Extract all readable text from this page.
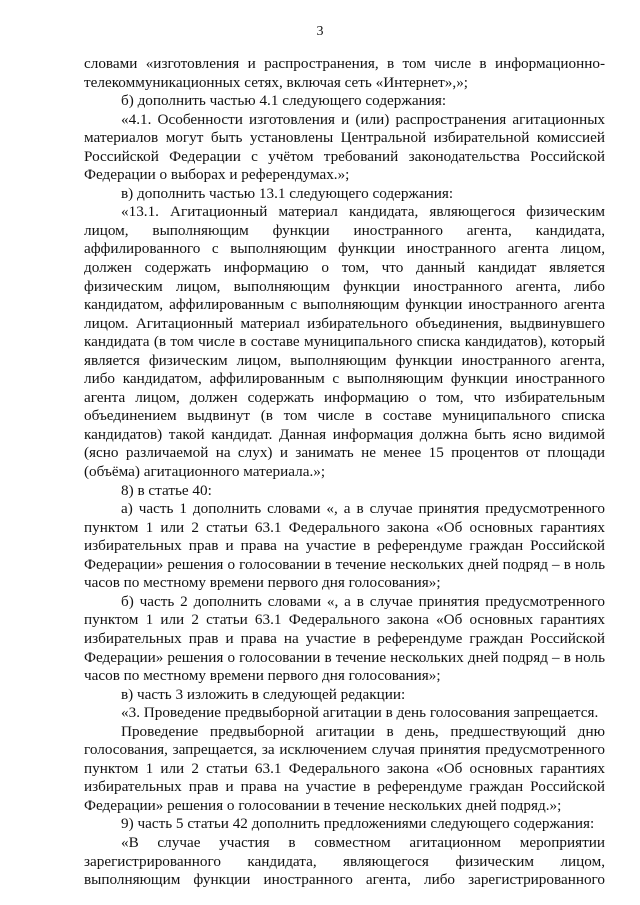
3

словами «изготовления и распространения, в том числе в информационно-телекоммуникационных сетях, включая сеть «Интернет»,»;

б) дополнить частью 4.1 следующего содержания:

«4.1. Особенности изготовления и (или) распространения агитационных материалов могут быть установлены Центральной избирательной комиссией Российской Федерации с учётом требований законодательства Российской Федерации о выборах и референдумах.»;

в) дополнить частью 13.1 следующего содержания:

«13.1. Агитационный материал кандидата, являющегося физическим лицом, выполняющим функции иностранного агента, кандидата, аффилированного с выполняющим функции иностранного агента лицом, должен содержать информацию о том, что данный кандидат является физическим лицом, выполняющим функции иностранного агента, либо кандидатом, аффилированным с выполняющим функции иностранного агента лицом. Агитационный материал избирательного объединения, выдвинувшего кандидата (в том числе в составе муниципального списка кандидатов), который является физическим лицом, выполняющим функции иностранного агента, либо кандидатом, аффилированным с выполняющим функции иностранного агента лицом, должен содержать информацию о том, что избирательным объединением выдвинут (в том числе в составе муниципального списка кандидатов) такой кандидат. Данная информация должна быть ясно видимой (ясно различаемой на слух) и занимать не менее 15 процентов от площади (объёма) агитационного материала.»;

8) в статье 40:

а) часть 1 дополнить словами «, а в случае принятия предусмотренного пунктом 1 или 2 статьи 63.1 Федерального закона «Об основных гарантиях избирательных прав и права на участие в референдуме граждан Российской Федерации» решения о голосовании в течение нескольких дней подряд – в ноль часов по местному времени первого дня голосования»;

б) часть 2 дополнить словами «, а в случае принятия предусмотренного пунктом 1 или 2 статьи 63.1 Федерального закона «Об основных гарантиях избирательных прав и права на участие в референдуме граждан Российской Федерации» решения о голосовании в течение нескольких дней подряд – в ноль часов по местному времени первого дня голосования»;

в) часть 3 изложить в следующей редакции:

«3. Проведение предвыборной агитации в день голосования запрещается.

Проведение предвыборной агитации в день, предшествующий дню голосования, запрещается, за исключением случая принятия предусмотренного пунктом 1 или 2 статьи 63.1 Федерального закона «Об основных гарантиях избирательных прав и права на участие в референдуме граждан Российской Федерации» решения о голосовании в течение нескольких дней подряд.»;

9) часть 5 статьи 42 дополнить предложениями следующего содержания:

«В случае участия в совместном агитационном мероприятии зарегистрированного кандидата, являющегося физическим лицом, выполняющим функции иностранного агента, либо зарегистрированного
